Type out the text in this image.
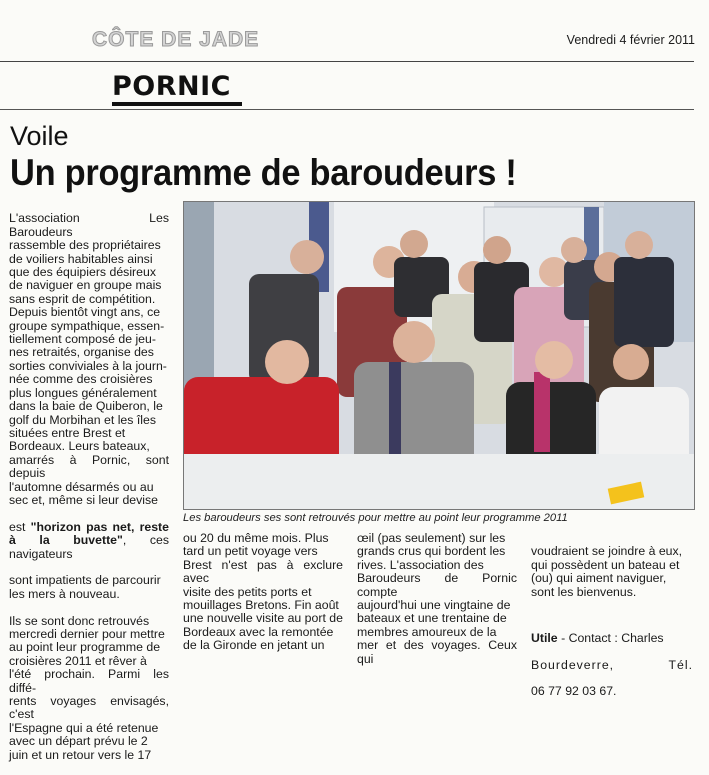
CÔTE DE JADE	Vendredi 4 février 2011
PORNIC
Voile
Un programme de baroudeurs !

L'association Les Baroudeurs
rassemble des propriétaires
de voiliers habitables ainsi
que des équipiers désireux
de naviguer en groupe mais
sans esprit de compétition.
Depuis bientôt vingt ans, ce
groupe sympathique, essen-
tiellement composé de jeu-
nes retraités, organise des
sorties conviviales à la journ-
née comme des croisières
plus longues généralement
dans la baie de Quiberon, le
golf du Morbihan et les îles
situées entre Brest et
Bordeaux. Leurs bateaux,
amarrés à Pornic, sont depuis
l'automne désarmés ou au
sec et, même si leur devise

est "horizon pas net, reste à la buvette", ces navigateurs

sont impatients de parcourir
les mers à nouveau.

Ils se sont donc retrouvés
mercredi dernier pour mettre
au point leur programme de
croisières 2011 et rêver à
l'été prochain. Parmi les diffé-
rents voyages envisagés, c'est
l'Espagne qui a été retenue
avec un départ prévu le 2
juin et un retour vers le 17

Les baroudeurs ses sont retrouvés pour mettre au point leur programme 2011
ou 20 du même mois. Plus
tard un petit voyage vers
Brest n'est pas à exclure avec
visite des petits ports et
mouillages Bretons. Fin août
une nouvelle visite au port de
Bordeaux avec la remontée
de la Gironde en jetant un
œil (pas seulement) sur les
grands crus qui bordent les
rives. L'association des
Baroudeurs de Pornic compte
aujourd'hui une vingtaine de
bateaux et une trentaine de
membres amoureux de la
mer et des voyages. Ceux qui

voudraient se joindre à eux,
qui possèdent un bateau et
(ou) qui aiment naviguer,
sont les bienvenus.

Utile - Contact : Charles

Bourdeverre,	Tél.

06 77 92 03 67.
